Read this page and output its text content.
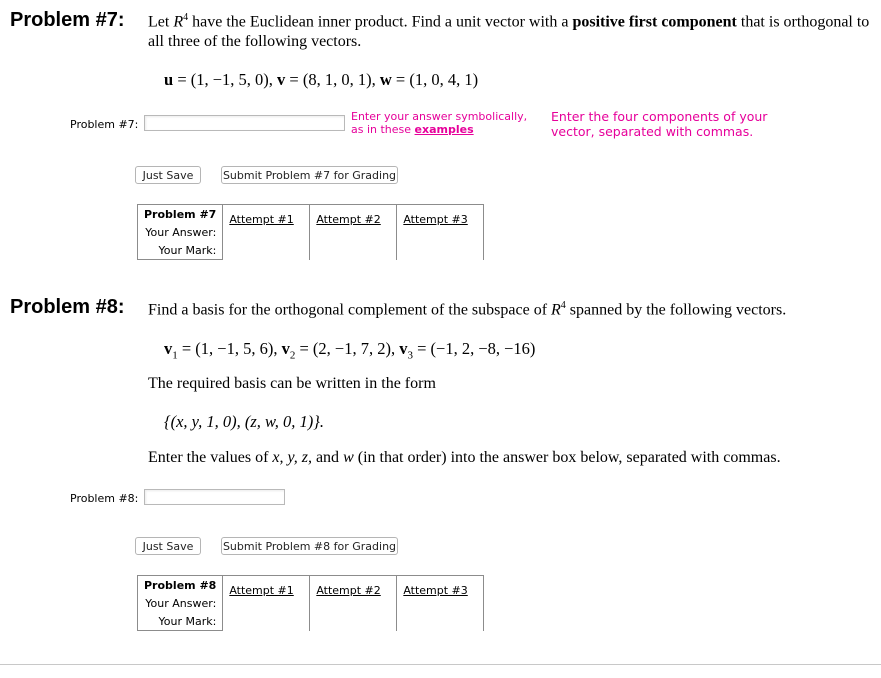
Problem #7: Let $R^4$ have the Euclidean inner product. Find a unit vector with a positive first component that is orthogonal to
all three of the following vectors.
u = (1, −1, 5, 0), v = (8, 1, 0, 1), w = (1, 0, 4, 1)
Problem #7:
Enter your answer symbolically,
as in these examples
Enter the four components of your
vector, separated with commas.
Just Save	Submit Problem #7 for Grading
Problem #7	Attempt #1	Attempt #2	Attempt #3

Your Answer:
Your Mark:
Problem #8: Find a basis for the orthogonal complement of the subspace of $R^4$ spanned by the following vectors.
$v_1 = (1$, −1, 5, 6), $v_2 = (2$, −1, 7, 2), $v_3 = (-1$, 2, −8, −16)
The required basis can be written in the form
{(x, y, 1, 0), (z, w, 0, 1)}.
Enter the values of x, y, z, and w (in that order) into the answer box below, separated with commas.
Problem #8:
Just Save	Submit Problem #8 for Grading
Problem #8	Attempt #1	Attempt #2	Attempt #3

Your Answer:
Your Mark:
